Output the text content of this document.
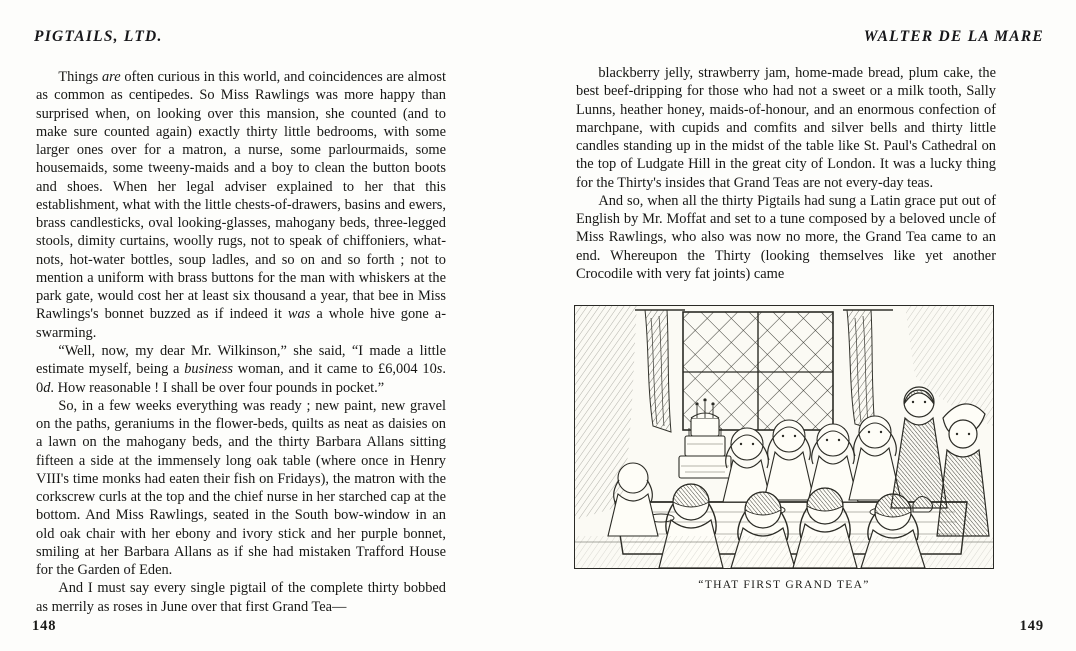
PIGTAILS, LTD.

Things are often curious in this world, and coincidences are almost as common as centipedes. So Miss Rawlings was more happy than surprised when, on looking over this mansion, she counted (and to make sure counted again) exactly thirty little bedrooms, with some larger ones over for a matron, a nurse, some parlourmaids, some housemaids, some tweeny-maids and a boy to clean the button boots and shoes. When her legal adviser explained to her that this establishment, what with the little chests-of-drawers, basins and ewers, brass candlesticks, oval looking-glasses, mahogany beds, three-legged stools, dimity curtains, woolly rugs, not to speak of chiffoniers, what-nots, hot-water bottles, soup ladles, and so on and so forth ; not to mention a uniform with brass buttons for the man with whiskers at the park gate, would cost her at least six thousand a year, that bee in Miss Rawlings's bonnet buzzed as if indeed it was a whole hive gone a-swarming.

“Well, now, my dear Mr. Wilkinson,” she said, “I made a little estimate myself, being a business woman, and it came to £6,004 10s. 0d. How reasonable ! I shall be over four pounds in pocket.”

So, in a few weeks everything was ready ; new paint, new gravel on the paths, geraniums in the flower-beds, quilts as neat as daisies on a lawn on the mahogany beds, and the thirty Barbara Allans sitting fifteen a side at the immensely long oak table (where once in Henry VIII's time monks had eaten their fish on Fridays), the matron with the corkscrew curls at the top and the chief nurse in her starched cap at the bottom. And Miss Rawlings, seated in the South bow-window in an old oak chair with her ebony and ivory stick and her purple bonnet, smiling at her Barbara Allans as if she had mistaken Trafford House for the Garden of Eden.

And I must say every single pigtail of the complete thirty bobbed as merrily as roses in June over that first Grand Tea—

148
WALTER DE LA MARE

blackberry jelly, strawberry jam, home-made bread, plum cake, the best beef-dripping for those who had not a sweet or a milk tooth, Sally Lunns, heather honey, maids-of-honour, and an enormous confection of marchpane, with cupids and comfits and silver bells and thirty little candles standing up in the midst of the table like St. Paul's Cathedral on the top of Ludgate Hill in the great city of London. It was a lucky thing for the Thirty's insides that Grand Teas are not every-day teas.

And so, when all the thirty Pigtails had sung a Latin grace put out of English by Mr. Moffat and set to a tune composed by a beloved uncle of Miss Rawlings, who also was now no more, the Grand Tea came to an end. Whereupon the Thirty (looking themselves like yet another Crocodile with very fat joints) came

“THAT FIRST GRAND TEA”
149
